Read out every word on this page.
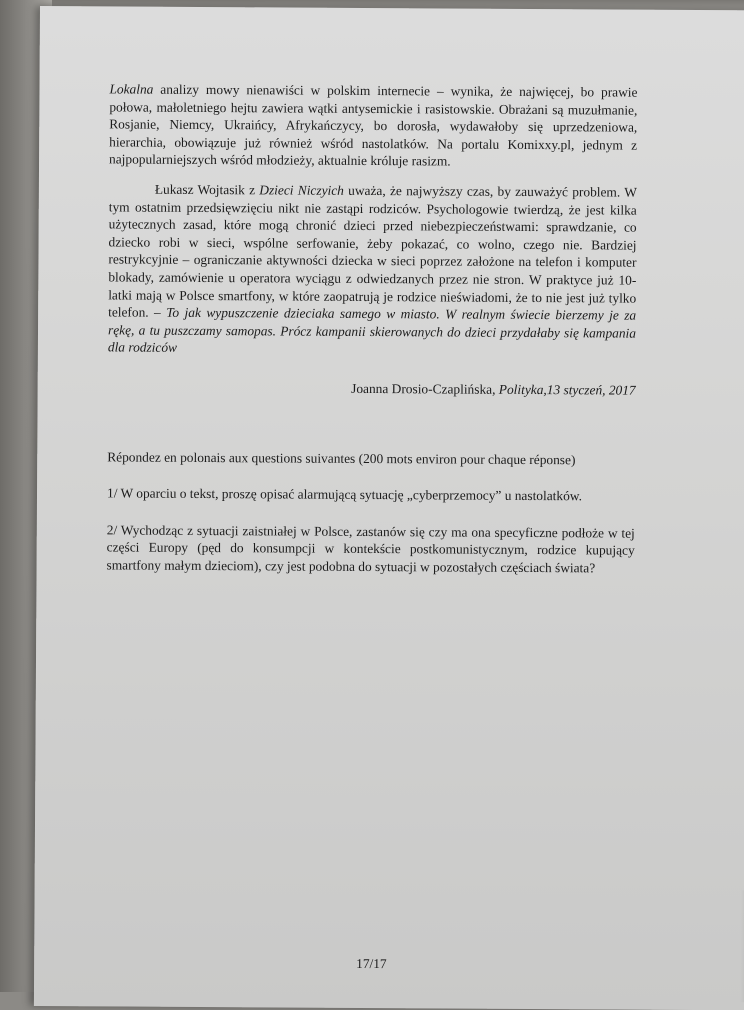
Lokalna analizy mowy nienawiści w polskim internecie – wynika, że najwięcej, bo prawie połowa, małoletniego hejtu zawiera wątki antysemickie i rasistowskie. Obrażani są muzułmanie, Rosjanie, Niemcy, Ukraińcy, Afrykańczycy, bo dorosła, wydawałoby się uprzedzeniowa, hierarchia, obowiązuje już również wśród nastolatków. Na portalu Komixxy.pl, jednym z najpopularniejszych wśród młodzieży, aktualnie króluje rasizm.

Łukasz Wojtasik z Dzieci Niczyich uważa, że najwyższy czas, by zauważyć problem. W tym ostatnim przedsięwzięciu nikt nie zastąpi rodziców. Psychologowie twierdzą, że jest kilka użytecznych zasad, które mogą chronić dzieci przed niebezpieczeństwami: sprawdzanie, co dziecko robi w sieci, wspólne serfowanie, żeby pokazać, co wolno, czego nie. Bardziej restrykcyjnie – ograniczanie aktywności dziecka w sieci poprzez założone na telefon i komputer blokady, zamówienie u operatora wyciągu z odwiedzanych przez nie stron. W praktyce już 10-latki mają w Polsce smartfony, w które zaopatrują je rodzice nieświadomi, że to nie jest już tylko telefon. – To jak wypuszczenie dzieciaka samego w miasto. W realnym świecie bierzemy je za rękę, a tu puszczamy samopas. Prócz kampanii skierowanych do dzieci przydałaby się kampania dla rodziców

Joanna Drosio-Czaplińska, Polityka,13 styczeń, 2017

Répondez en polonais aux questions suivantes (200 mots environ pour chaque réponse)

1/ W oparciu o tekst, proszę opisać alarmującą sytuację „cyberprzemocy” u nastolatków.

2/ Wychodząc z sytuacji zaistniałej w Polsce, zastanów się czy ma ona specyficzne podłoże w tej części Europy (pęd do konsumpcji w kontekście postkomunistycznym, rodzice kupujący smartfony małym dzieciom), czy jest podobna do sytuacji w pozostałych częściach świata?

17/17
